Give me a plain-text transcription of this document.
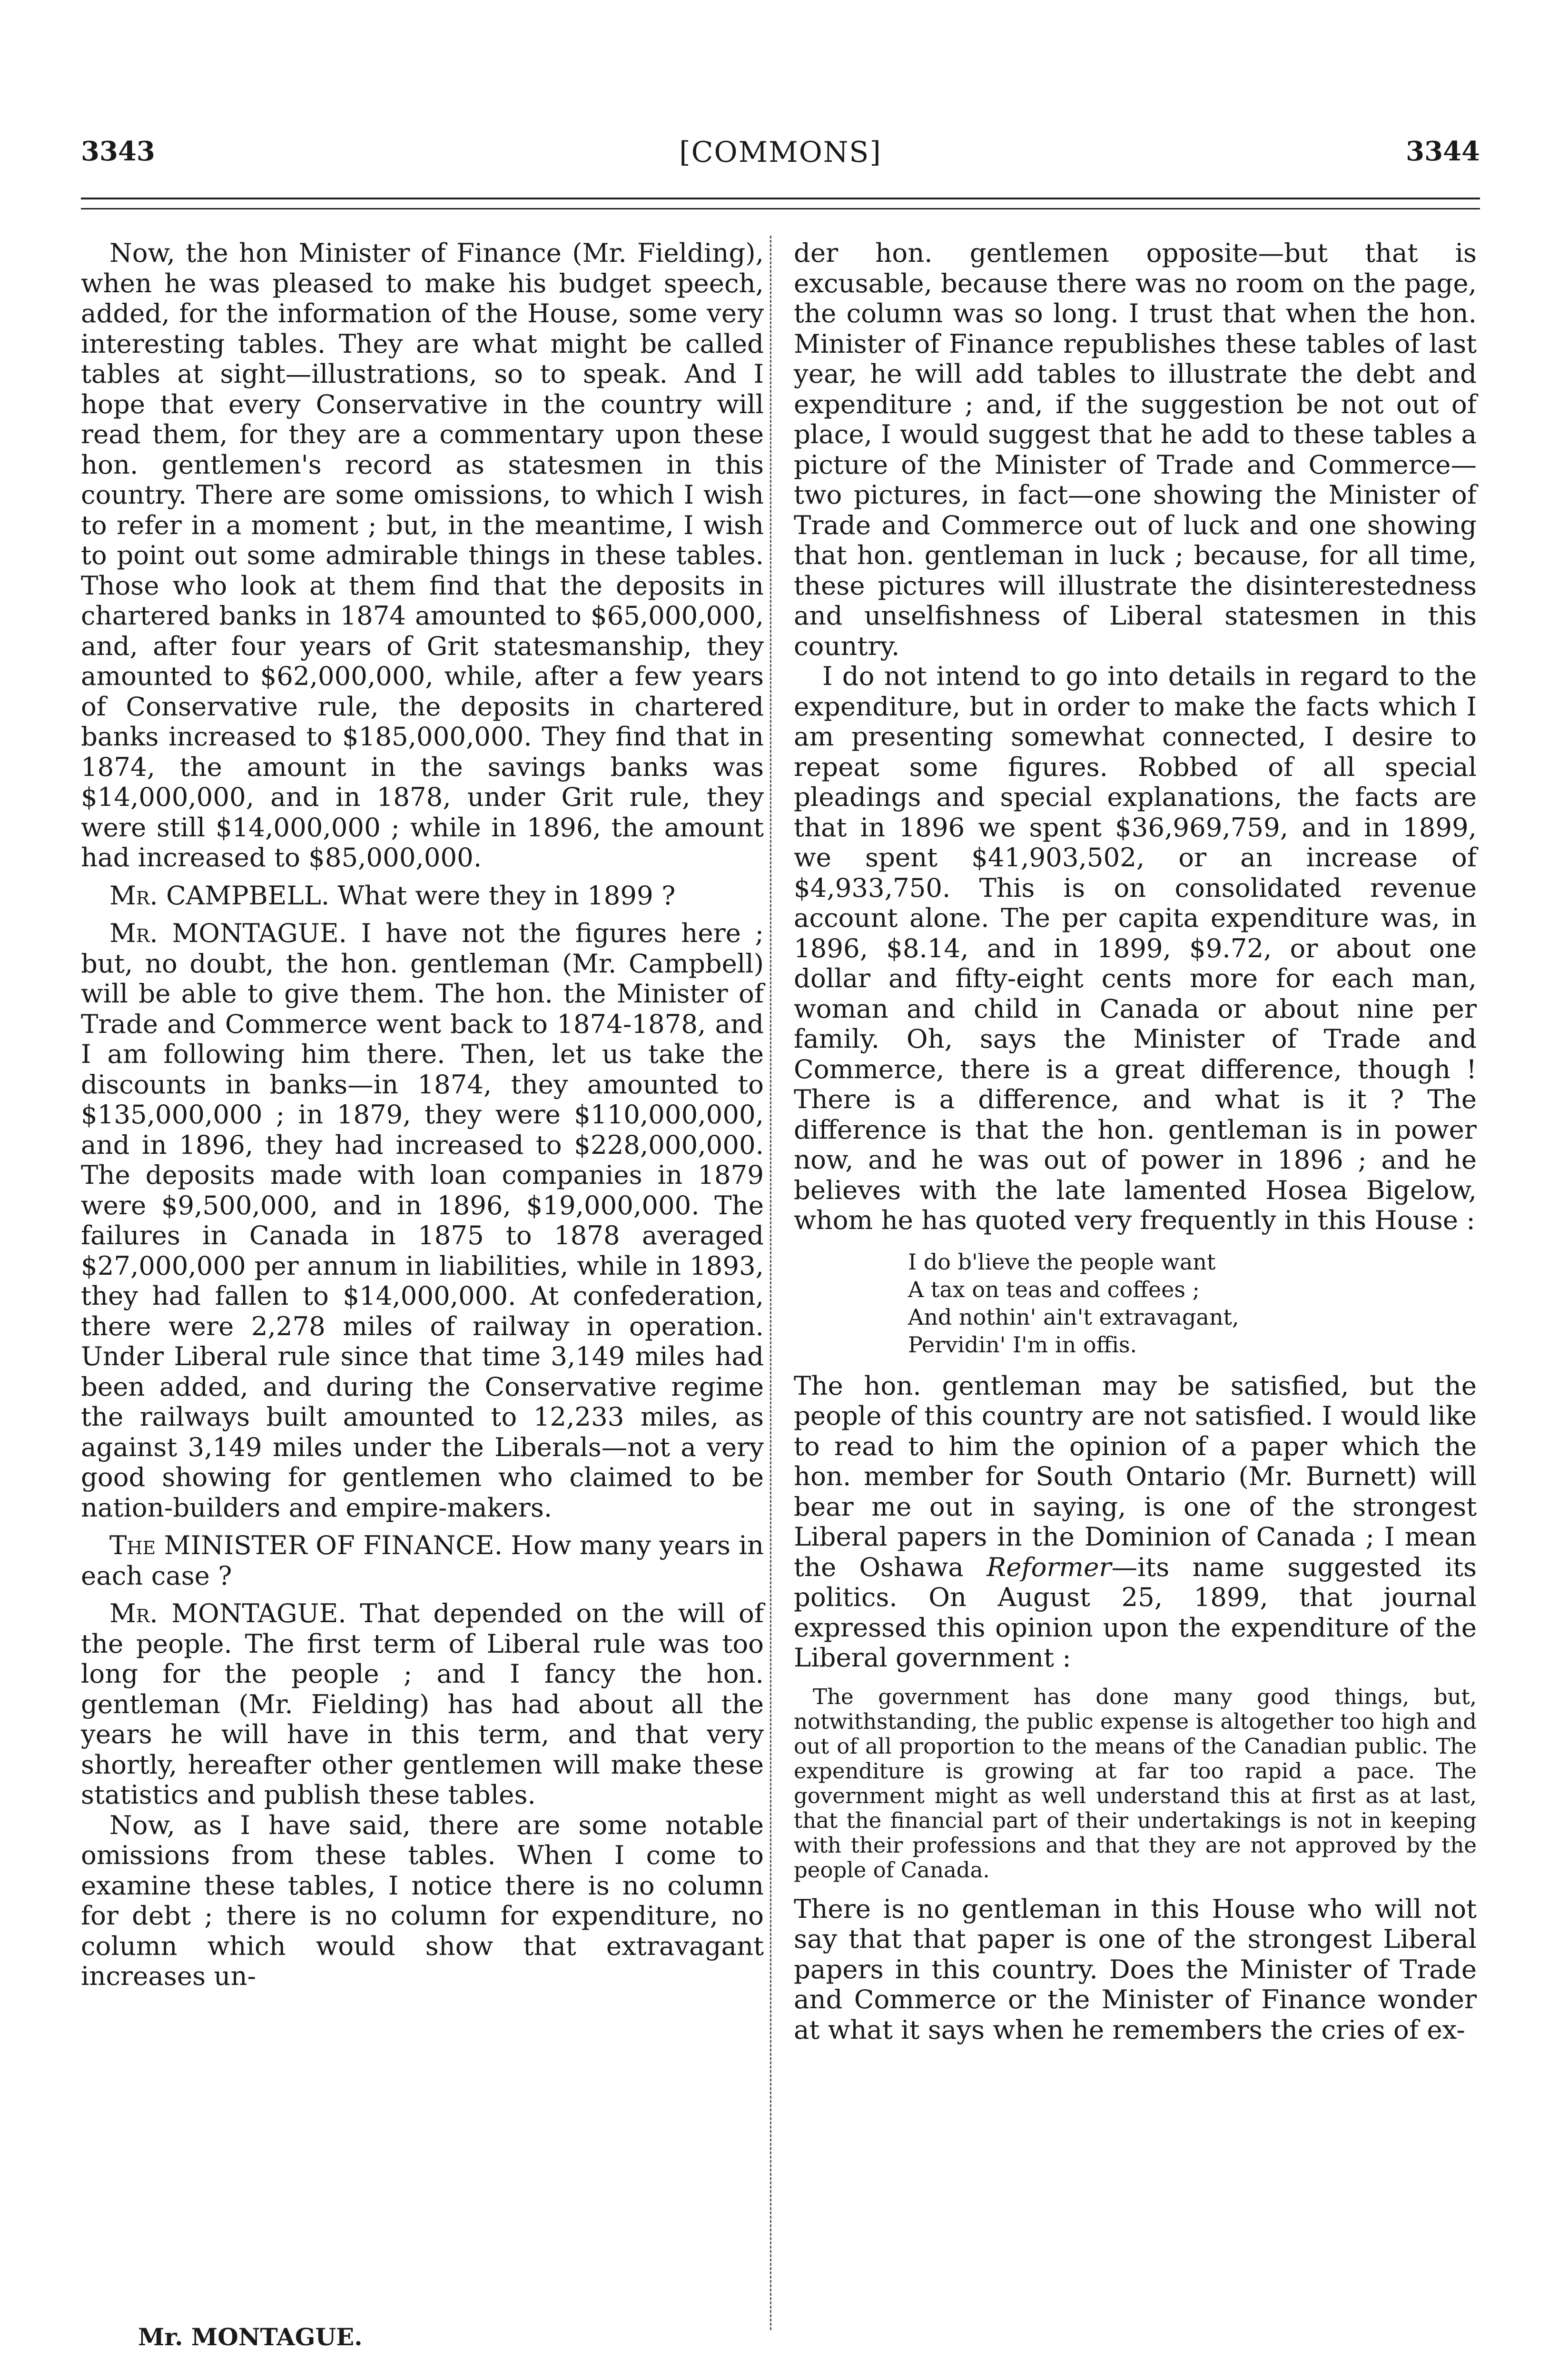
3343	[COMMONS]	3344

Now, the hon Minister of Finance (Mr. Fielding), when he was pleased to make his budget speech, added, for the information of the House, some very interesting tables. They are what might be called tables at sight—illustrations, so to speak. And I hope that every Conservative in the country will read them, for they are a commentary upon these hon. gentlemen's record as statesmen in this country. There are some omissions, to which I wish to refer in a moment ; but, in the meantime, I wish to point out some admirable things in these tables. Those who look at them find that the deposits in chartered banks in 1874 amounted to $65,000,000, and, after four years of Grit statesmanship, they amounted to $62,000,000, while, after a few years of Conservative rule, the deposits in chartered banks increased to $185,000,000. They find that in 1874, the amount in the savings banks was $14,000,000, and in 1878, under Grit rule, they were still $14,000,000 ; while in 1896, the amount had increased to $85,000,000.

Mr. CAMPBELL. What were they in 1899 ?

Mr. MONTAGUE. I have not the figures here ; but, no doubt, the hon. gentleman (Mr. Campbell) will be able to give them. The hon. the Minister of Trade and Commerce went back to 1874-1878, and I am following him there. Then, let us take the discounts in banks—in 1874, they amounted to $135,000,000 ; in 1879, they were $110,000,000, and in 1896, they had increased to $228,000,000. The deposits made with loan companies in 1879 were $9,500,000, and in 1896, $19,000,000. The failures in Canada in 1875 to 1878 averaged $27,000,000 per annum in liabilities, while in 1893, they had fallen to $14,000,000. At confederation, there were 2,278 miles of railway in operation. Under Liberal rule since that time 3,149 miles had been added, and during the Conservative regime the railways built amounted to 12,233 miles, as against 3,149 miles under the Liberals—not a very good showing for gentlemen who claimed to be nation-builders and empire-makers.

The MINISTER OF FINANCE. How many years in each case ?

Mr. MONTAGUE. That depended on the will of the people. The first term of Liberal rule was too long for the people ; and I fancy the hon. gentleman (Mr. Fielding) has had about all the years he will have in this term, and that very shortly, hereafter other gentlemen will make these statistics and publish these tables.

Now, as I have said, there are some notable omissions from these tables. When I come to examine these tables, I notice there is no column for debt ; there is no column for expenditure, no column which would show that extravagant increases un-

der hon. gentlemen opposite—but that is excusable, because there was no room on the page, the column was so long. I trust that when the hon. Minister of Finance republishes these tables of last year, he will add tables to illustrate the debt and expenditure ; and, if the suggestion be not out of place, I would suggest that he add to these tables a picture of the Minister of Trade and Commerce—two pictures, in fact—one showing the Minister of Trade and Commerce out of luck and one showing that hon. gentleman in luck ; because, for all time, these pictures will illustrate the disinterestedness and unselfishness of Liberal statesmen in this country.

I do not intend to go into details in regard to the expenditure, but in order to make the facts which I am presenting somewhat connected, I desire to repeat some figures. Robbed of all special pleadings and special explanations, the facts are that in 1896 we spent $36,969,759, and in 1899, we spent $41,903,502, or an increase of $4,933,750. This is on consolidated revenue account alone. The per capita expenditure was, in 1896, $8.14, and in 1899, $9.72, or about one dollar and fifty-eight cents more for each man, woman and child in Canada or about nine per family. Oh, says the Minister of Trade and Commerce, there is a great difference, though ! There is a difference, and what is it ? The difference is that the hon. gentleman is in power now, and he was out of power in 1896 ; and he believes with the late lamented Hosea Bigelow, whom he has quoted very frequently in this House :

I do b'lieve the people want
A tax on teas and coffees ;
And nothin' ain't extravagant,
Pervidin' I'm in offis.

The hon. gentleman may be satisfied, but the people of this country are not satisfied. I would like to read to him the opinion of a paper which the hon. member for South Ontario (Mr. Burnett) will bear me out in saying, is one of the strongest Liberal papers in the Dominion of Canada ; I mean the Oshawa Reformer—its name suggested its politics. On August 25, 1899, that journal expressed this opinion upon the expenditure of the Liberal government :

The government has done many good things, but, notwithstanding, the public expense is altogether too high and out of all proportion to the means of the Canadian public. The expenditure is growing at far too rapid a pace. The government might as well understand this at first as at last, that the financial part of their undertakings is not in keeping with their professions and that they are not approved by the people of Canada.

There is no gentleman in this House who will not say that that paper is one of the strongest Liberal papers in this country. Does the Minister of Trade and Commerce or the Minister of Finance wonder at what it says when he remembers the cries of ex-

Mr. MONTAGUE.
